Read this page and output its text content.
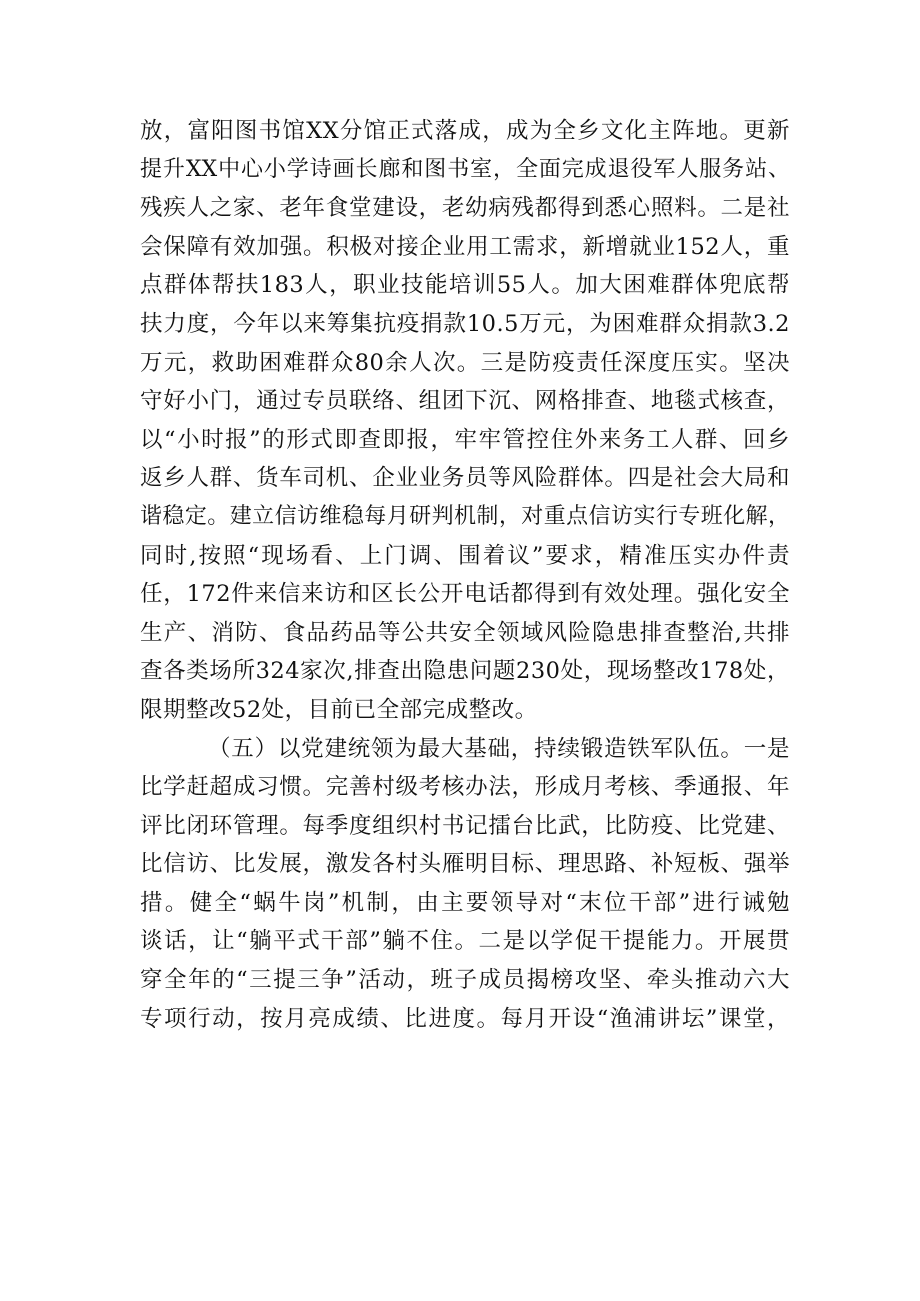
放，富阳图书馆XX分馆正式落成，成为全乡文化主阵地。更新
提升XX中心小学诗画长廊和图书室，全面完成退役军人服务站、
残疾人之家、老年食堂建设，老幼病残都得到悉心照料。二是社
会保障有效加强。积极对接企业用工需求，新增就业152人，重
点群体帮扶183人，职业技能培训55人。加大困难群体兜底帮
扶力度，今年以来筹集抗疫捐款10.5万元，为困难群众捐款3.2
万元，救助困难群众80余人次。三是防疫责任深度压实。坚决
守好小门，通过专员联络、组团下沉、网格排查、地毯式核查，
以“小时报”的形式即查即报，牢牢管控住外来务工人群、回乡
返乡人群、货车司机、企业业务员等风险群体。四是社会大局和
谐稳定。建立信访维稳每月研判机制，对重点信访实行专班化解，
同时,按照“现场看、上门调、围着议”要求，精准压实办件责
任，172件来信来访和区长公开电话都得到有效处理。强化安全
生产、消防、食品药品等公共安全领域风险隐患排查整治,共排
查各类场所324家次,排查出隐患问题230处，现场整改178处，
限期整改52处，目前已全部完成整改。
（五）以党建统领为最大基础，持续锻造铁军队伍。一是
比学赶超成习惯。完善村级考核办法，形成月考核、季通报、年
评比闭环管理。每季度组织村书记擂台比武，比防疫、比党建、
比信访、比发展，激发各村头雁明目标、理思路、补短板、强举
措。健全“蜗牛岗”机制，由主要领导对“末位干部”进行诫勉
谈话，让“躺平式干部”躺不住。二是以学促干提能力。开展贯
穿全年的“三提三争”活动，班子成员揭榜攻坚、牵头推动六大
专项行动，按月亮成绩、比进度。每月开设“渔浦讲坛”课堂，
